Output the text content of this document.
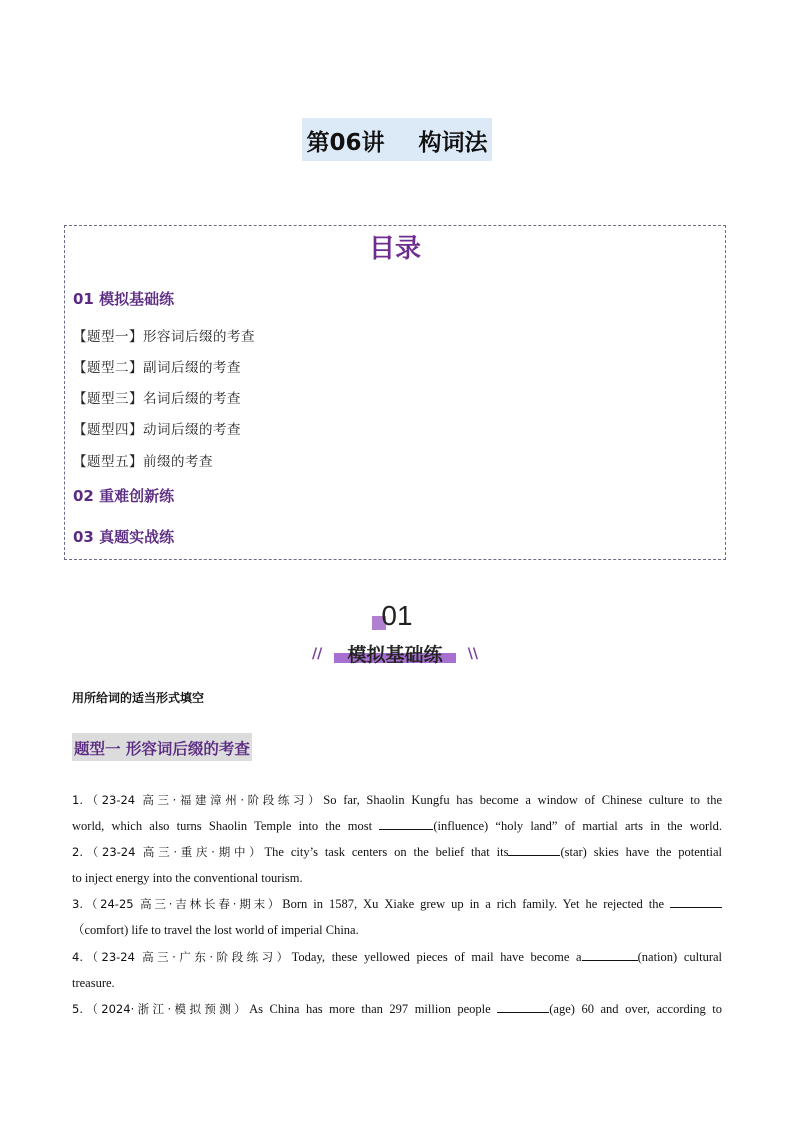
第06讲 构词法
目录
01 模拟基础练
【题型一】形容词后缀的考查
【题型二】副词后缀的考查
【题型三】名词后缀的考查
【题型四】动词后缀的考查
【题型五】前缀的考查
02 重难创新练
03 真题实战练
01
//	\\
模拟基础练
用所给词的适当形式填空
题型一 形容词后缀的考查
1.（23-24 高三·福建漳州·阶段练习）So far, Shaolin Kungfu has become a window of Chinese culture to the
world, which also turns Shaolin Temple into the most	(influence) “holy land” of martial arts in the world.
2.（23-24 高三·重庆·期中）The city’s task centers on the belief that its	(star) skies have the potential
to inject energy into the conventional tourism.
3.（24-25 高三·吉林长春·期末）Born in 1587, Xu Xiake grew up in a rich family. Yet he rejected the
（comfort) life to travel the lost world of imperial China.
4.（23-24 高三·广东·阶段练习）Today, these yellowed pieces of mail have become a	(nation) cultural
treasure.
5.（2024·浙江·模拟预测）As China has more than 297 million people	(age) 60 and over, according to
